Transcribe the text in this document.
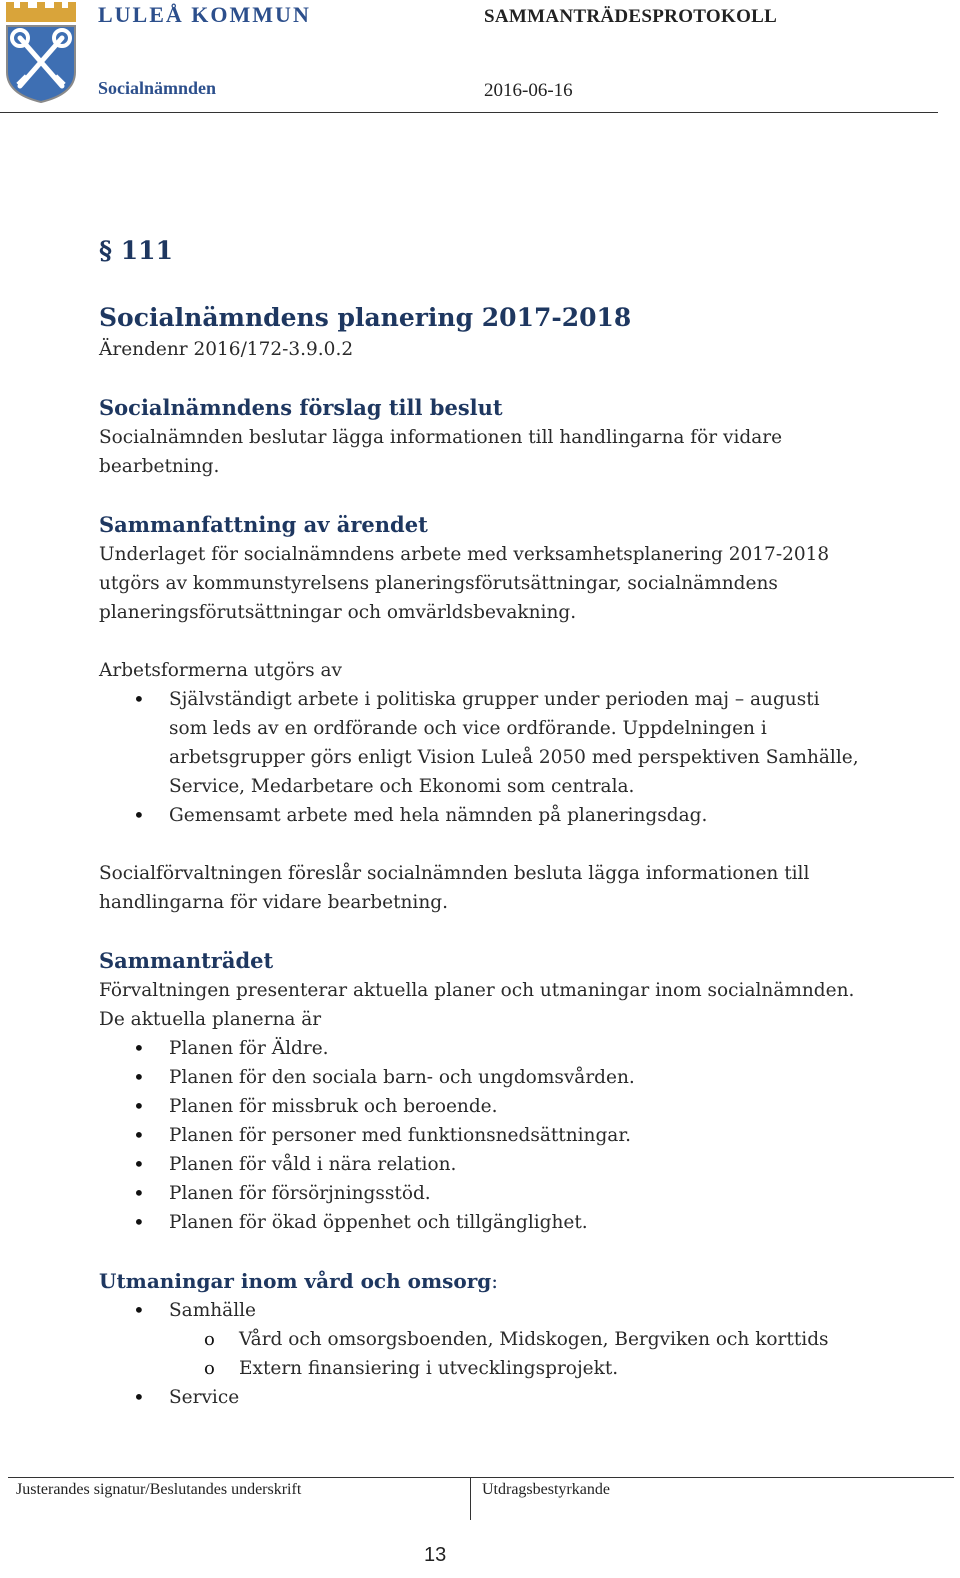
LULEÅ KOMMUN	SAMMANTRÄDESPROTOKOLL
Socialnämnden	2016-06-16
§ 111
Socialnämndens planering 2017-2018

Ärendenr 2016/172-3.9.0.2

Socialnämndens förslag till beslut

Socialnämnden beslutar lägga informationen till handlingarna för vidare bearbetning.

Sammanfattning av ärendet

Underlaget för socialnämndens arbete med verksamhetsplanering 2017-2018 utgörs av kommunstyrelsens planeringsförutsättningar, socialnämndens planeringsförutsättningar och omvärldsbevakning.

Arbetsformerna utgörs av

• Självständigt arbete i politiska grupper under perioden maj – augusti som leds av en ordförande och vice ordförande. Uppdelningen i arbetsgrupper görs enligt Vision Luleå 2050 med perspektiven Samhälle, Service, Medarbetare och Ekonomi som centrala.
• Gemensamt arbete med hela nämnden på planeringsdag.

Socialförvaltningen föreslår socialnämnden besluta lägga informationen till handlingarna för vidare bearbetning.

Sammanträdet

Förvaltningen presenterar aktuella planer och utmaningar inom socialnämnden. De aktuella planerna är

• Planen för Äldre.
• Planen för den sociala barn- och ungdomsvården.
• Planen för missbruk och beroende.
• Planen för personer med funktionsnedsättningar.
• Planen för våld i nära relation.
• Planen för försörjningsstöd.
• Planen för ökad öppenhet och tillgänglighet.
Utmaningar inom vård och omsorg:
• Samhälle
o Vård och omsorgsboenden, Midskogen, Bergviken och korttids
o Extern finansiering i utvecklingsprojekt.
• Service
Justerandes signatur/Beslutandes underskrift	Utdragsbestyrkande
13
